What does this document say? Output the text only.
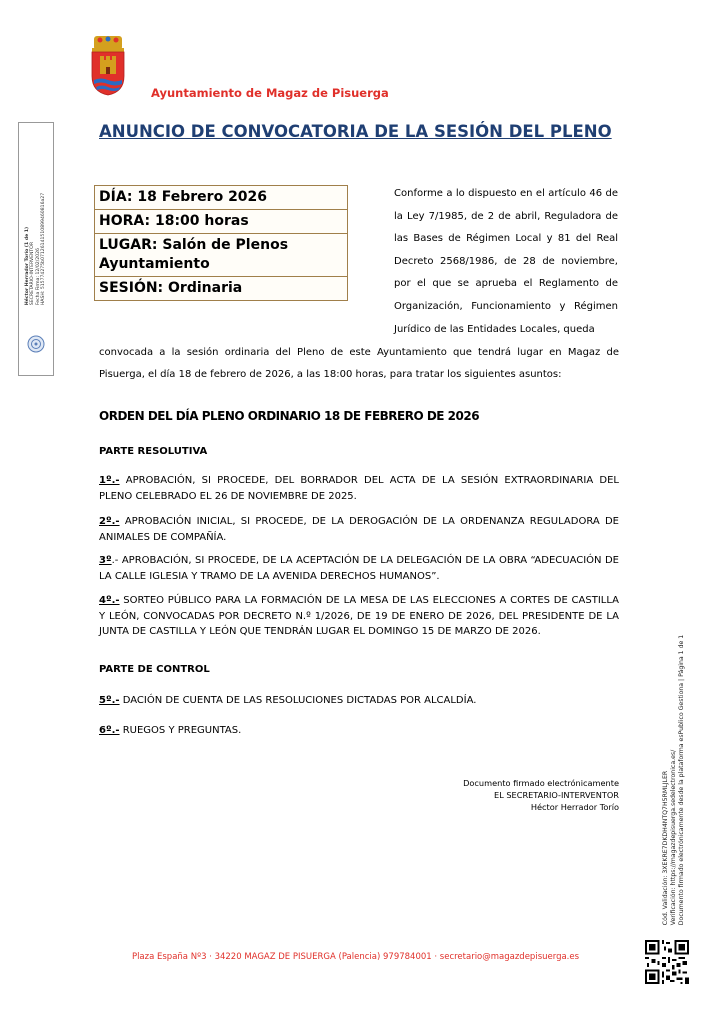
Ayuntamiento de Magaz de Pisuerga
Héctor Herrador Torío (1 de 1) SECRETARIO-INTERVENTOR Fecha Firma: 12/02/2026 HASH: 515774275b07126141510899460816a27
ANUNCIO DE CONVOCATORIA DE LA SESIÓN DEL PLENO
DÍA: 18 Febrero 2026
HORA: 18:00 horas
LUGAR: Salón de Plenos Ayuntamiento
SESIÓN: Ordinaria
Conforme a lo dispuesto en el artículo 46 de la Ley 7/1985, de 2 de abril, Reguladora de las Bases de Régimen Local y 81 del Real Decreto 2568/1986, de 28 de noviembre, por el que se aprueba el Reglamento de Organización, Funcionamiento y Régimen Jurídico de las Entidades Locales, queda
convocada a la sesión ordinaria del Pleno de este Ayuntamiento que tendrá lugar en Magaz de Pisuerga, el día 18 de febrero de 2026, a las 18:00 horas, para tratar los siguientes asuntos:
ORDEN DEL DÍA PLENO ORDINARIO 18 DE FEBRERO DE 2026
PARTE RESOLUTIVA
1º.- APROBACIÓN, SI PROCEDE, DEL BORRADOR DEL ACTA DE LA SESIÓN EXTRAORDINARIA DEL PLENO CELEBRADO EL 26 DE NOVIEMBRE DE 2025.
2º.- APROBACIÓN INICIAL, SI PROCEDE, DE LA DEROGACIÓN DE LA ORDENANZA REGULADORA DE ANIMALES DE COMPAÑÍA.
3º.- APROBACIÓN, SI PROCEDE, DE LA ACEPTACIÓN DE LA DELEGACIÓN DE LA OBRA “ADECUACIÓN DE LA CALLE IGLESIA Y TRAMO DE LA AVENIDA DERECHOS HUMANOS”.
4º.- SORTEO PÚBLICO PARA LA FORMACIÓN DE LA MESA DE LAS ELECCIONES A CORTES DE CASTILLA Y LEÓN, CONVOCADAS POR DECRETO N.º 1/2026, DE 19 DE ENERO DE 2026, DEL PRESIDENTE DE LA JUNTA DE CASTILLA Y LEÓN QUE TENDRÁN LUGAR EL DOMINGO 15 DE MARZO DE 2026.
PARTE DE CONTROL
5º.- DACIÓN DE CUENTA DE LAS RESOLUCIONES DICTADAS POR ALCALDÍA.
6º.- RUEGOS Y PREGUNTAS.
Documento firmado electrónicamente
EL SECRETARIO-INTERVENTOR
Héctor Herrador Torío	Cód. Validación: 3XEKRE7DKDH4NTQ7H5RMLJLER Verificación: https://magazdepisuerga.sedelectronica.es/ Documento firmado electrónicamente desde la plataforma esPublico Gestiona | Página 1 de 1
Plaza España Nº3 · 34220 MAGAZ DE PISUERGA (Palencia) 979784001 · secretario@magazdepisuerga.es
